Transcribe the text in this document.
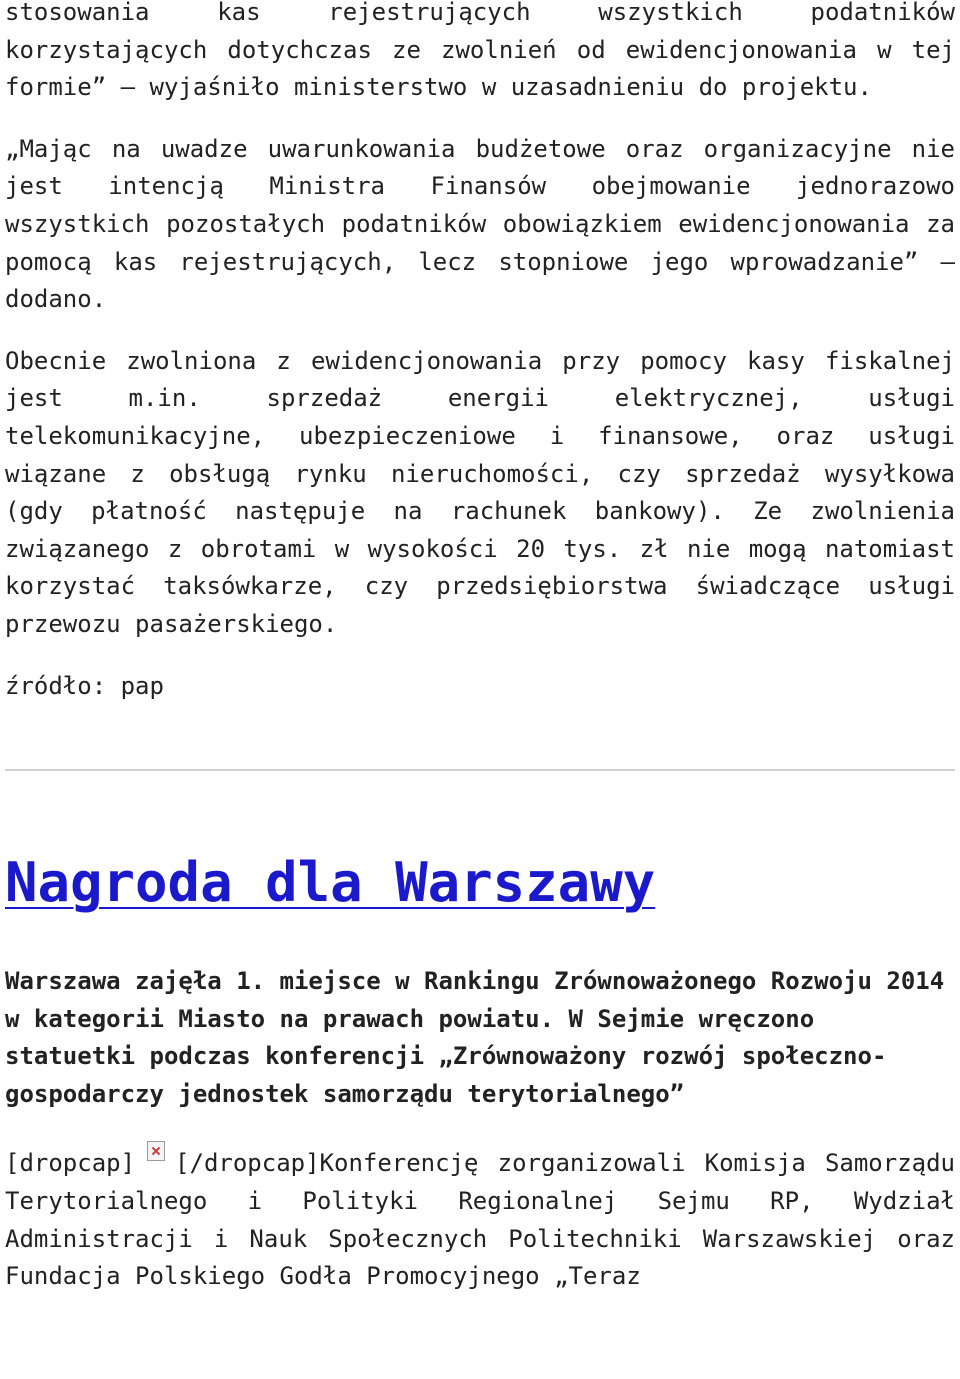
stosowania kas rejestrujących wszystkich podatników korzystających dotychczas ze zwolnień od ewidencjonowania w tej formie” – wyjaśniło ministerstwo w uzasadnieniu do projektu.

„Mając na uwadze uwarunkowania budżetowe oraz organizacyjne nie jest intencją Ministra Finansów obejmowanie jednorazowo wszystkich pozostałych podatników obowiązkiem ewidencjonowania za pomocą kas rejestrujących, lecz stopniowe jego wprowadzanie” – dodano.

Obecnie zwolniona z ewidencjonowania przy pomocy kasy fiskalnej jest m.in. sprzedaż energii elektrycznej, usługi telekomunikacyjne, ubezpieczeniowe i finansowe, oraz usługi wiązane z obsługą rynku nieruchomości, czy sprzedaż wysyłkowa (gdy płatność następuje na rachunek bankowy). Ze zwolnienia związanego z obrotami w wysokości 20 tys. zł nie mogą natomiast korzystać taksówkarze, czy przedsiębiorstwa świadczące usługi przewozu pasażerskiego.

źródło: pap

Nagroda dla Warszawy

Warszawa zajęła 1. miejsce w Rankingu Zrównoważonego Rozwoju 2014 w kategorii Miasto na prawach powiatu. W Sejmie wręczono statuetki podczas konferencji „Zrównoważony rozwój społeczno-gospodarczy jednostek samorządu terytorialnego”

[dropcap] [/dropcap]Konferencję zorganizowali Komisja Samorządu Terytorialnego i Polityki Regionalnej Sejmu RP, Wydział Administracji i Nauk Społecznych Politechniki Warszawskiej oraz Fundacja Polskiego Godła Promocyjnego „Teraz
